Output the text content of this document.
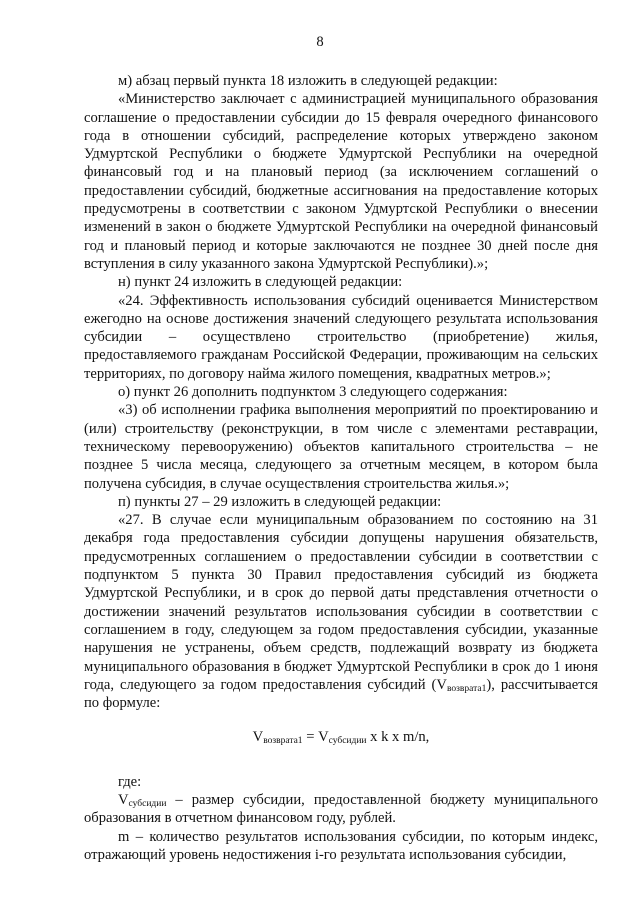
8

м) абзац первый пункта 18 изложить в следующей редакции:

«Министерство заключает с администрацией муниципального образования соглашение о предоставлении субсидии до 15 февраля очередного финансового года в отношении субсидий, распределение которых утверждено законом Удмуртской Республики о бюджете Удмуртской Республики на очередной финансовый год и на плановый период (за исключением соглашений о предоставлении субсидий, бюджетные ассигнования на предоставление которых предусмотрены в соответствии с законом Удмуртской Республики о внесении изменений в закон о бюджете Удмуртской Республики на очередной финансовый год и плановый период и которые заключаются не позднее 30 дней после дня вступления в силу указанного закона Удмуртской Республики).»;

н) пункт 24 изложить в следующей редакции:

«24. Эффективность использования субсидий оценивается Министерством ежегодно на основе достижения значений следующего результата использования субсидии – осуществлено строительство (приобретение) жилья, предоставляемого гражданам Российской Федерации, проживающим на сельских территориях, по договору найма жилого помещения, квадратных метров.»;

о) пункт 26 дополнить подпунктом 3 следующего содержания:

«3) об исполнении графика выполнения мероприятий по проектированию и (или) строительству (реконструкции, в том числе с элементами реставрации, техническому перевооружению) объектов капитального строительства – не позднее 5 числа месяца, следующего за отчетным месяцем, в котором была получена субсидия, в случае осуществления строительства жилья.»;

п) пункты 27 – 29 изложить в следующей редакции:

«27. В случае если муниципальным образованием по состоянию на 31 декабря года предоставления субсидии допущены нарушения обязательств, предусмотренных соглашением о предоставлении субсидии в соответствии с подпунктом 5 пункта 30 Правил предоставления субсидий из бюджета Удмуртской Республики, и в срок до первой даты представления отчетности о достижении значений результатов использования субсидии в соответствии с соглашением в году, следующем за годом предоставления субсидии, указанные нарушения не устранены, объем средств, подлежащий возврату из бюджета муниципального образования в бюджет Удмуртской Республики в срок до 1 июня года, следующего за годом предоставления субсидий $(V_{возврата1})$, рассчитывается по формуле:

$V_{возврата1} = V_{субсидии}$ x k x m/n,

где:

$V_{субсидии}$ – размер субсидии, предоставленной бюджету муниципального образования в отчетном финансовом году, рублей.

m – количество результатов использования субсидии, по которым индекс, отражающий уровень недостижения i-го результата использования субсидии,
